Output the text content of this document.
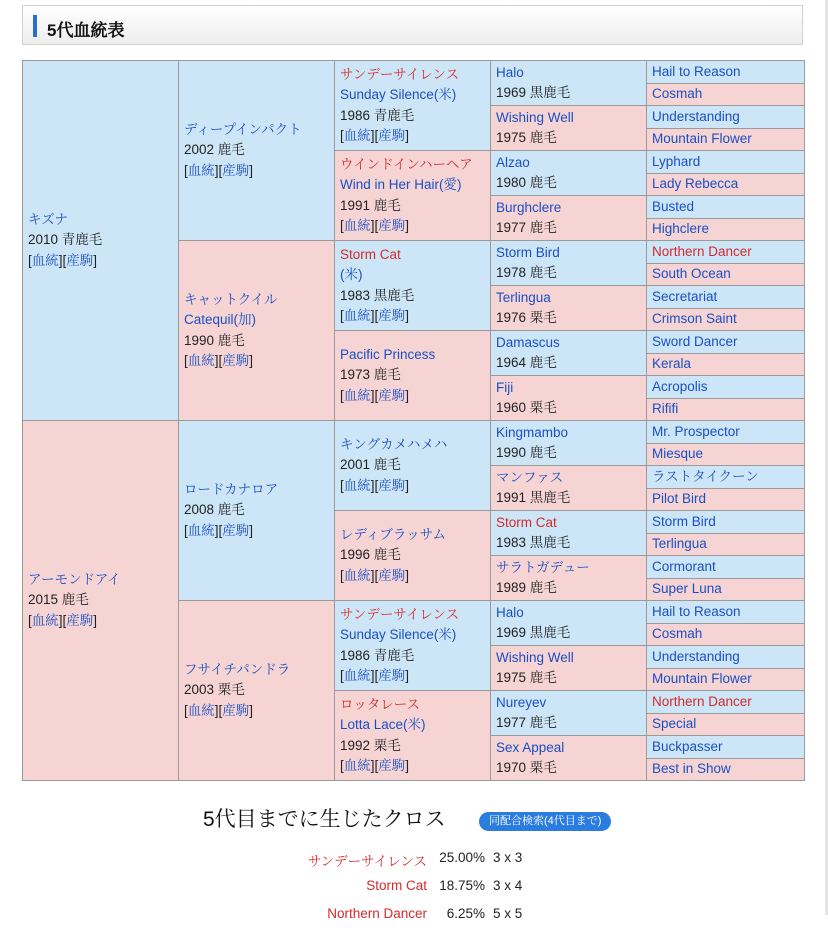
5代血統表
キズナ
2010 青鹿毛
[血統][産駒]	ディープインパクト
2002 鹿毛
[血統][産駒]	サンデーサイレンス
Sunday Silence(米)
1986 青鹿毛
[血統][産駒]	Halo
1969 黒鹿毛	Hail to Reason

				Cosmah

			Wishing Well
1975 鹿毛	Understanding

				Mountain Flower

		ウインドインハーヘア
Wind in Her Hair(愛)
1991 鹿毛
[血統][産駒]	Alzao
1980 鹿毛	Lyphard

				Lady Rebecca

			Burghclere
1977 鹿毛	Busted

				Highclere

	キャットクイル
Catequil(加)
1990 鹿毛
[血統][産駒]	Storm Cat
(米)
1983 黒鹿毛
[血統][産駒]	Storm Bird
1978 鹿毛	Northern Dancer

				South Ocean

			Terlingua
1976 栗毛	Secretariat

				Crimson Saint

		Pacific Princess
1973 鹿毛
[血統][産駒]	Damascus
1964 鹿毛	Sword Dancer

				Kerala

			Fiji
1960 栗毛	Acropolis

				Rififi

アーモンドアイ
2015 鹿毛
[血統][産駒]	ロードカナロア
2008 鹿毛
[血統][産駒]	キングカメハメハ
2001 鹿毛
[血統][産駒]	Kingmambo
1990 鹿毛	Mr. Prospector

				Miesque

			マンファス
1991 黒鹿毛	ラストタイクーン

				Pilot Bird

		レディブラッサム
1996 鹿毛
[血統][産駒]	Storm Cat
1983 黒鹿毛	Storm Bird

				Terlingua

			サラトガデュー
1989 鹿毛	Cormorant

				Super Luna

	フサイチパンドラ
2003 栗毛
[血統][産駒]	サンデーサイレンス
Sunday Silence(米)
1986 青鹿毛
[血統][産駒]	Halo
1969 黒鹿毛	Hail to Reason

				Cosmah

			Wishing Well
1975 鹿毛	Understanding

				Mountain Flower

		ロッタレース
Lotta Lace(米)
1992 栗毛
[血統][産駒]	Nureyev
1977 鹿毛	Northern Dancer

				Special

			Sex Appeal
1970 栗毛	Buckpasser

				Best in Show
5代目までに生じたクロス	同配合検索(4代目まで)
サンデーサイレンス 25.00% 3 x 3
Storm Cat 18.75% 3 x 4
Northern Dancer	6.25% 5 x 5
